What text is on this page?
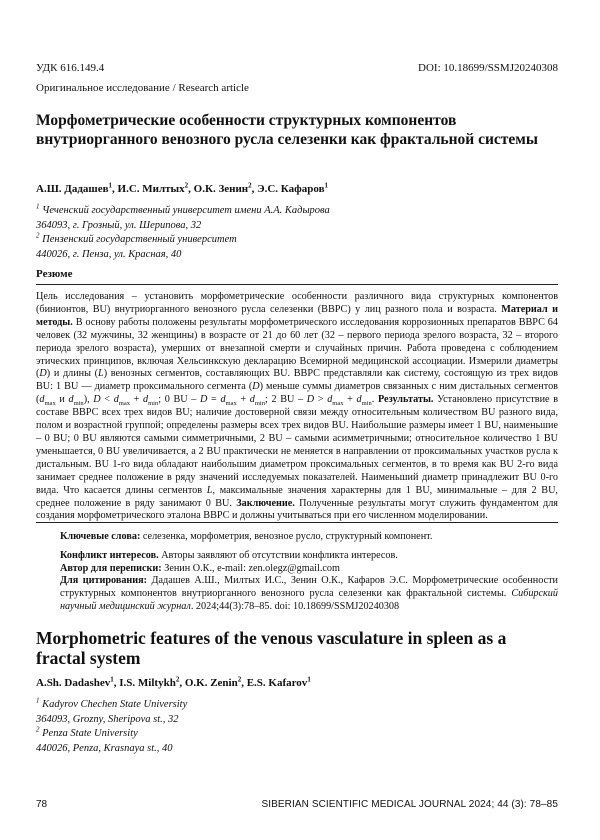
УДК 616.149.4	DOI: 10.18699/SSMJ20240308
Оригинальное исследование / Research article
Морфометрические особенности структурных компонентов внутриорганного венозного русла селезенки как фрактальной системы
А.Ш. Дадашев$^1$, И.С. Милтых$^2$, О.К. Зенин$^2$, Э.С. Кафаров$^1$
$^1$ Чеченский государственный университет имени А.А. Кадырова
364093, г. Грозный, ул. Шерипова, 32
$^2$ Пензенский государственный университет
440026, г. Пенза, ул. Красная, 40
Резюме

Цель исследования – установить морфометрические особенности различного вида структурных компонентов (бинионтов, BU) внутриорганного венозного русла селезенки (ВВРС) у лиц разного пола и возраста. Материал и методы. В основу работы положены результаты морфометрического исследования коррозионных препаратов ВВРС 64 человек (32 мужчины, 32 женщины) в возрасте от 21 до 60 лет (32 – первого периода зрелого возраста, 32 – второго периода зрелого возраста), умерших от внезапной смерти и случайных причин. Работа проведена с соблюдением этических принципов, включая Хельсинкскую декларацию Всемирной медицинской ассоциации. Измерили диаметры (D) и длины (L) венозных сегментов, составляющих BU. ВВРС представляли как систему, состоящую из трех видов BU: 1 BU — диаметр проксимального сегмента (D) меньше суммы диаметров связанных с ним дистальных сегментов ($d_{max}$ и $d_{min}$), $D < d_{max} + d_{min}$; 0 BU – $D = d_{max} + d_{min}$; 2 BU – $D > d_{max} + d_{min}$. Результаты. Установлено присутствие в составе ВВРС всех трех видов BU; наличие достоверной связи между относительным количеством BU разного вида, полом и возрастной группой; определены размеры всех трех видов BU. Наибольшие размеры имеет 1 BU, наименьшие – 0 BU; 0 BU являются самыми симметричными, 2 BU – самыми асимметричными; относительное количество 1 BU уменьшается, 0 BU увеличивается, а 2 BU практически не меняется в направлении от проксимальных участков русла к дистальным. BU 1-го вида обладают наибольшим диаметром проксимальных сегментов, в то время как BU 2-го вида занимает среднее положение в ряду значений исследуемых показателей. Наименьший диаметр принадлежит BU 0-го вида. Что касается длины сегментов L, максимальные значения характерны для 1 BU, минимальные – для 2 BU, среднее положение в ряду занимают 0 BU. Заключение. Полученные результаты могут служить фундаментом для создания морфометрического эталона ВВРС и должны учитываться при его численном моделировании.

Ключевые слова: селезенка, морфометрия, венозное русло, структурный компонент.

Конфликт интересов. Авторы заявляют об отсутствии конфликта интересов.

Автор для переписки: Зенин О.К., e-mail: zen.olegz@gmail.com

Для цитирования: Дадашев А.Ш., Милтых И.С., Зенин О.К., Кафаров Э.С. Морфометрические особенности структурных компонентов внутриорганного венозного русла селезенки как фрактальной системы. Сибирский научный медицинский журнал. 2024;44(3):78–85. doi: 10.18699/SSMJ20240308

Morphometric features of the venous vasculature in spleen as a fractal system
A.Sh. Dadashev$^1$, I.S. Miltykh$^2$, O.K. Zenin$^2$, E.S. Kafarov$^1$
$^1$ Kadyrov Chechen State University
364093, Grozny, Sheripova st., 32
$^2$ Penza State University
440026, Penza, Krasnaya st., 40
78	SIBERIAN SCIENTIFIC MEDICAL JOURNAL 2024; 44 (3): 78–85
